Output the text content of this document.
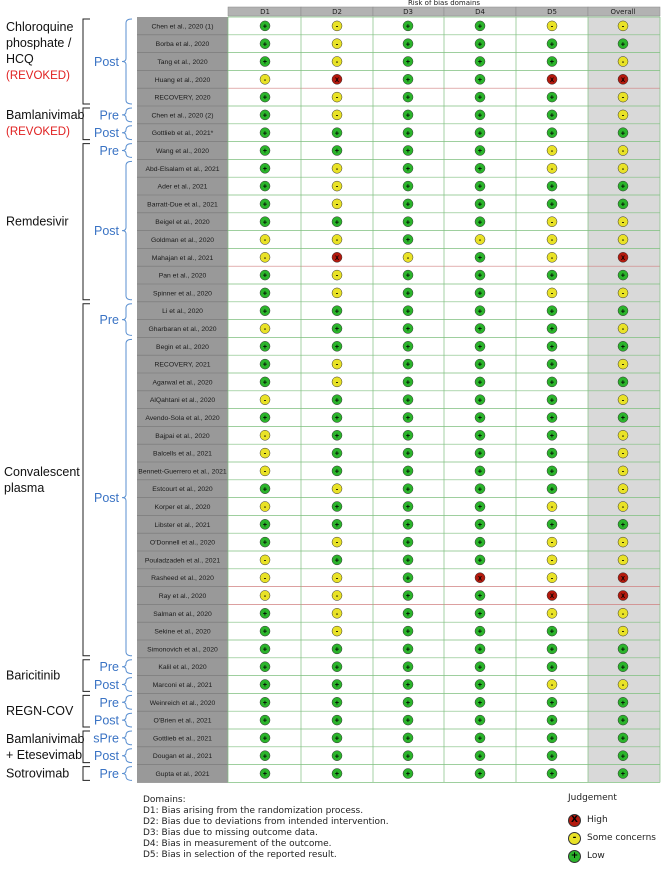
D1	D2	D3	D4	D5	Overall
Chen et al., 2020 (1)	+	-	+	+	-	-
Borba et al., 2020	+	-	+	+	+	+
Tang et al., 2020	+	-	+	+	+	-
Huang et al., 2020	-	X	+	+	X	X
RECOVERY, 2020	+	-	+	+	+	-
Chen et al., 2020 (2)	+	-	+	+	+	-
Gottlieb et al., 2021*	+	+	+	+	+	+
Wang et al., 2020	+	+	+	+	-	-
Abd-Elsalam et al., 2021	+	-	+	+	-	-
Ader et al., 2021	+	-	+	+	+	+
Barratt-Due et al., 2021	+	-	+	+	+	+
Beigel et al., 2020	+	+	+	+	-	-
Goldman et al., 2020	-	-	+	-	-	-
Mahajan et al., 2021	-	X	-	+	-	X
Pan et al., 2020	+	-	+	+	+	+
Spinner et al., 2020	+	-	+	+	-	-
Li et al., 2020	+	+	+	+	+	+
Gharbaran et al., 2020	-	+	+	+	+	-
Begin et al., 2020	+	+	+	+	+	+
RECOVERY, 2021	+	-	+	+	+	-
Agarwal et al., 2020	+	-	+	+	+	+
AlQahtani et al., 2020	-	+	+	+	+	-
Avendo-Sola et al., 2020	+	+	+	+	+	+
Bajpai et al., 2020	-	+	+	+	+	-
Balcells et al., 2021	-	+	+	+	+	-
Bennett-Guerrero et al., 2021	-	+	+	+	+	-
Estcourt et al., 2020	+	-	+	+	+	-
Korper et al., 2020	-	+	+	+	-	-
Libster et al., 2021	+	+	+	+	+	+
O'Donnell et al., 2020	+	-	+	+	-	-
Pouladzadeh et al., 2021	-	+	+	+	-	-
Rasheed et al., 2020	-	-	+	X	-	X
Ray et al., 2020	-	-	+	+	X	X
Salman et al., 2020	+	-	+	+	-	-
Sekine et al., 2020	+	-	+	+	+	-
Simonovich et al., 2020	+	+	+	+	+	+
Kalil et al., 2020	+	+	+	+	+	+
Marconi et al., 2021	+	+	+	+	-	-
Weinreich et al., 2020	+	+	+	+	+	+
O'Brien et al., 2021	+	+	+	+	+	+
Gottlieb et al., 2021	+	+	+	+	+	+
Dougan et al., 2021	+	+	+	+	+	+
Gupta et al., 2021	+	+	+	+	+	+
Chloroquine
phosphate /
HCQ
(REVOKED)
Post
Bamlanivimab
(REVOKED)
Pre
Post
Remdesivir
Pre
Post
Convalescent
plasma
Pre
Post
Baricitinib
Pre
Post
REGN-COV
Pre
Post
Bamlanivimab
+ Etesevimab
sPre
Post
Sotrovimab Pre
Risk of bias domains
Domains:
D1: Bias arising from the randomization process.
D2: Bias due to deviations from intended intervention.
D3: Bias due to missing outcome data.
D4: Bias in measurement of the outcome.
D5: Bias in selection of the reported result.
Judgement
X	High
-	Some concerns
+ Low
